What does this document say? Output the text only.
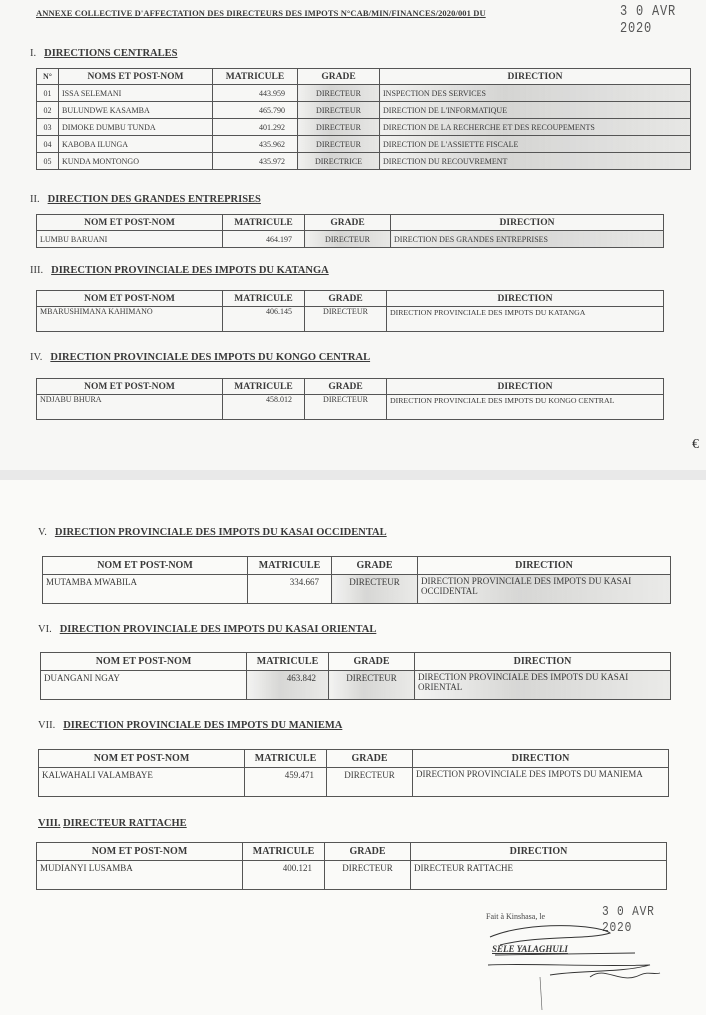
ANNEXE COLLECTIVE D'AFFECTATION DES DIRECTEURS DES IMPOTS N°CAB/MIN/FINANCES/2020/001 DU	3 0 AVR 2020
€
I. DIRECTIONS CENTRALES
N°	NOMS ET POST-NOM	MATRICULE	GRADE	DIRECTION
01	ISSA SELEMANI	443.959	DIRECTEUR	INSPECTION DES SERVICES
02	BULUNDWE KASAMBA	465.790	DIRECTEUR	DIRECTION DE L'INFORMATIQUE
03	DIMOKE DUMBU TUNDA	401.292	DIRECTEUR	DIRECTION DE LA RECHERCHE ET DES RECOUPEMENTS
04	KABOBA ILUNGA	435.962	DIRECTEUR	DIRECTION DE L'ASSIETTE FISCALE
05	KUNDA MONTONGO	435.972	DIRECTRICE	DIRECTION DU RECOUVREMENT
II. DIRECTION DES GRANDES ENTREPRISES
NOM ET POST-NOM	MATRICULE	GRADE	DIRECTION
LUMBU BARUANI	464.197	DIRECTEUR	DIRECTION DES GRANDES ENTREPRISES
III. DIRECTION PROVINCIALE DES IMPOTS DU KATANGA
NOM ET POST-NOM	MATRICULE	GRADE	DIRECTION
MBARUSHIMANA KAHIMANO	406.145	DIRECTEUR	DIRECTION PROVINCIALE DES IMPOTS DU KATANGA
IV. DIRECTION PROVINCIALE DES IMPOTS DU KONGO CENTRAL
NOM ET POST-NOM	MATRICULE	GRADE	DIRECTION
NDJABU BHURA	458.012	DIRECTEUR	DIRECTION PROVINCIALE DES IMPOTS DU KONGO CENTRAL
V. DIRECTION PROVINCIALE DES IMPOTS DU KASAI OCCIDENTAL
NOM ET POST-NOM	MATRICULE	GRADE	DIRECTION
MUTAMBA MWABILA	334.667	DIRECTEUR	DIRECTION PROVINCIALE DES IMPOTS DU KASAI OCCIDENTAL
VI. DIRECTION PROVINCIALE DES IMPOTS DU KASAI ORIENTAL
NOM ET POST-NOM	MATRICULE	GRADE	DIRECTION
DUANGANI NGAY	463.842	DIRECTEUR	DIRECTION PROVINCIALE DES IMPOTS DU KASAI ORIENTAL
VII. DIRECTION PROVINCIALE DES IMPOTS DU MANIEMA
NOM ET POST-NOM	MATRICULE	GRADE	DIRECTION
KALWAHALI VALAMBAYE	459.471	DIRECTEUR	DIRECTION PROVINCIALE DES IMPOTS DU MANIEMA
VIII. DIRECTEUR RATTACHE
NOM ET POST-NOM	MATRICULE	GRADE	DIRECTION
MUDIANYI LUSAMBA	400.121	DIRECTEUR	DIRECTEUR RATTACHE
Fait à Kinshasa, le	3 0 AVR 2020
SELE YALAGHULI
